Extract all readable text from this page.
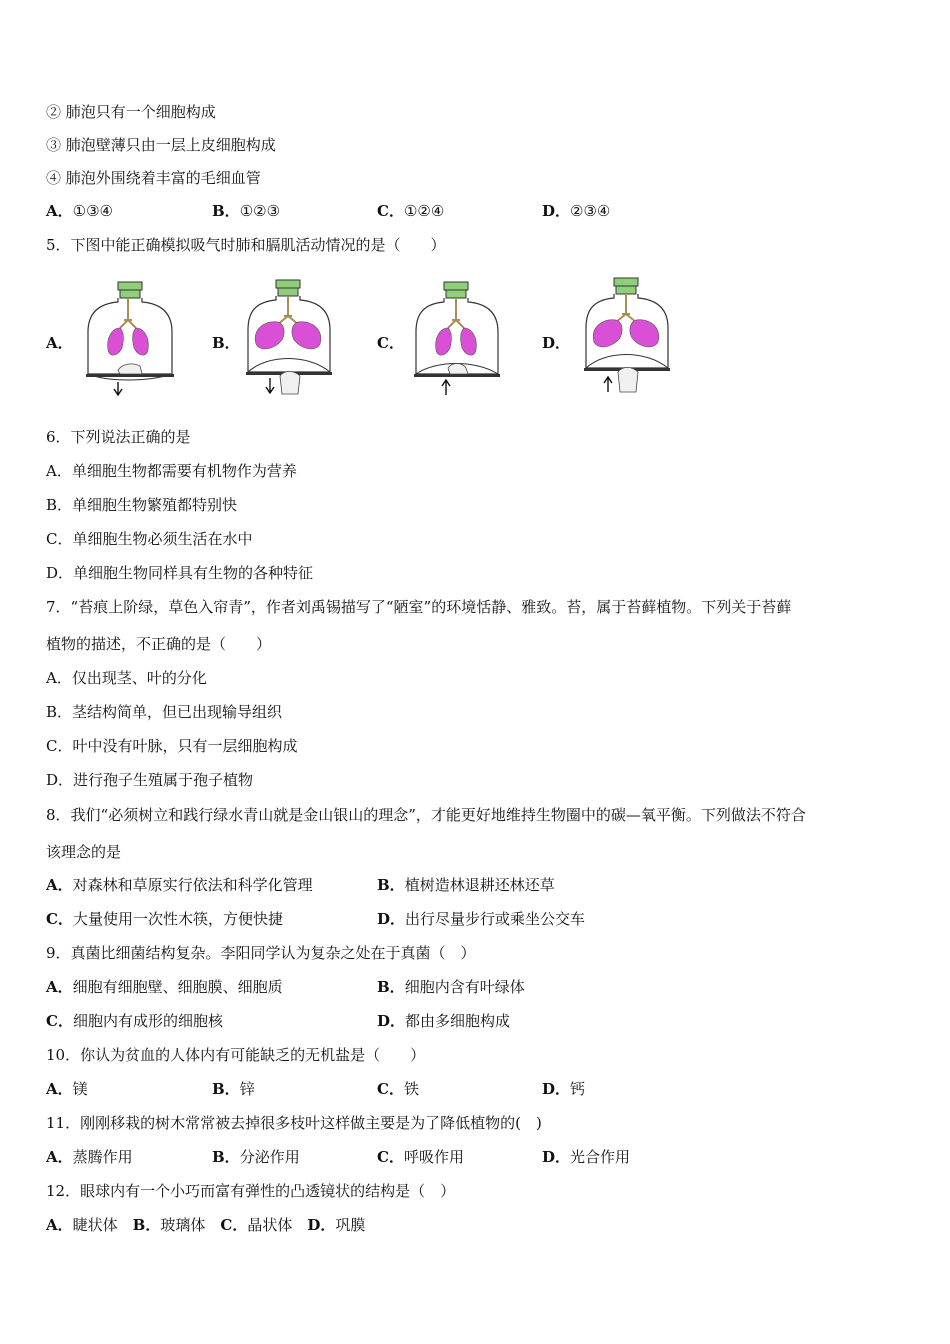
② 肺泡只有一个细胞构成
③ 肺泡壁薄只由一层上皮细胞构成
④ 肺泡外围绕着丰富的毛细血管
A．①③④	B．①②③	C．①②④	D．②③④
5．下图中能正确模拟吸气时肺和膈肌活动情况的是（　　）
A．	B．	C．	D．
6．下列说法正确的是
A．单细胞生物都需要有机物作为营养
B．单细胞生物繁殖都特别快
C．单细胞生物必须生活在水中
D．单细胞生物同样具有生物的各种特征
7．“苔痕上阶绿，草色入帘青”，作者刘禹锡描写了“陋室”的环境恬静、雅致。苔，属于苔藓植物。下列关于苔藓
植物的描述，不正确的是（　　）
A．仅出现茎、叶的分化
B．茎结构简单，但已出现输导组织
C．叶中没有叶脉，只有一层细胞构成
D．进行孢子生殖属于孢子植物
8．我们“必须树立和践行绿水青山就是金山银山的理念”，才能更好地维持生物圈中的碳—氧平衡。下列做法不符合
该理念的是
A．对森林和草原实行依法和科学化管理	B．植树造林退耕还林还草
C．大量使用一次性木筷，方便快捷	D．出行尽量步行或乘坐公交车
9．真菌比细菌结构复杂。李阳同学认为复杂之处在于真菌（　）
A．细胞有细胞壁、细胞膜、细胞质	B．细胞内含有叶绿体
C．细胞内有成形的细胞核	D．都由多细胞构成
10．你认为贫血的人体内有可能缺乏的无机盐是（　　）
A．镁	B．锌	C．铁	D．钙
11．刚刚移栽的树木常常被去掉很多枝叶这样做主要是为了降低植物的(　)
A．蒸腾作用	B．分泌作用	C．呼吸作用	D．光合作用
12．眼球内有一个小巧而富有弹性的凸透镜状的结构是（　）
A．睫状体　 B．玻璃体　 C．晶状体　 D．巩膜
